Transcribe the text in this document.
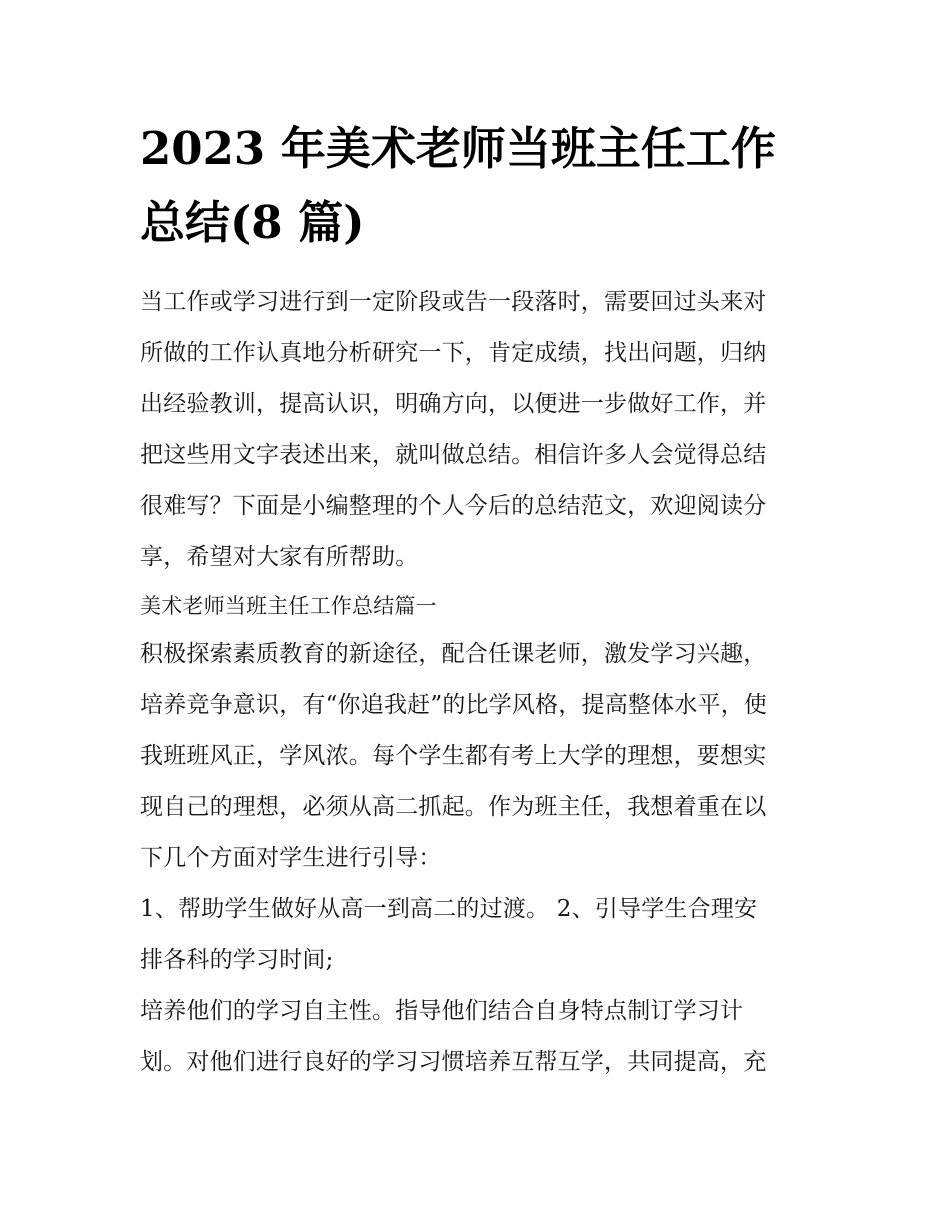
2023 年美术老师当班主任工作
总结(8 篇)
当工作或学习进行到一定阶段或告一段落时，需要回过头来对
所做的工作认真地分析研究一下，肯定成绩，找出问题，归纳
出经验教训，提高认识，明确方向，以便进一步做好工作，并
把这些用文字表述出来，就叫做总结。相信许多人会觉得总结
很难写？下面是小编整理的个人今后的总结范文，欢迎阅读分
享，希望对大家有所帮助。
美术老师当班主任工作总结篇一
积极探索素质教育的新途径，配合任课老师，激发学习兴趣，
培养竞争意识，有“你追我赶”的比学风格，提高整体水平，使
我班班风正，学风浓。每个学生都有考上大学的理想，要想实
现自己的理想，必须从高二抓起。作为班主任，我想着重在以
下几个方面对学生进行引导：
1、帮助学生做好从高一到高二的过渡。 2、引导学生合理安
排各科的学习时间;
培养他们的学习自主性。指导他们结合自身特点制订学习计
划。对他们进行良好的学习习惯培养互帮互学，共同提高，充
